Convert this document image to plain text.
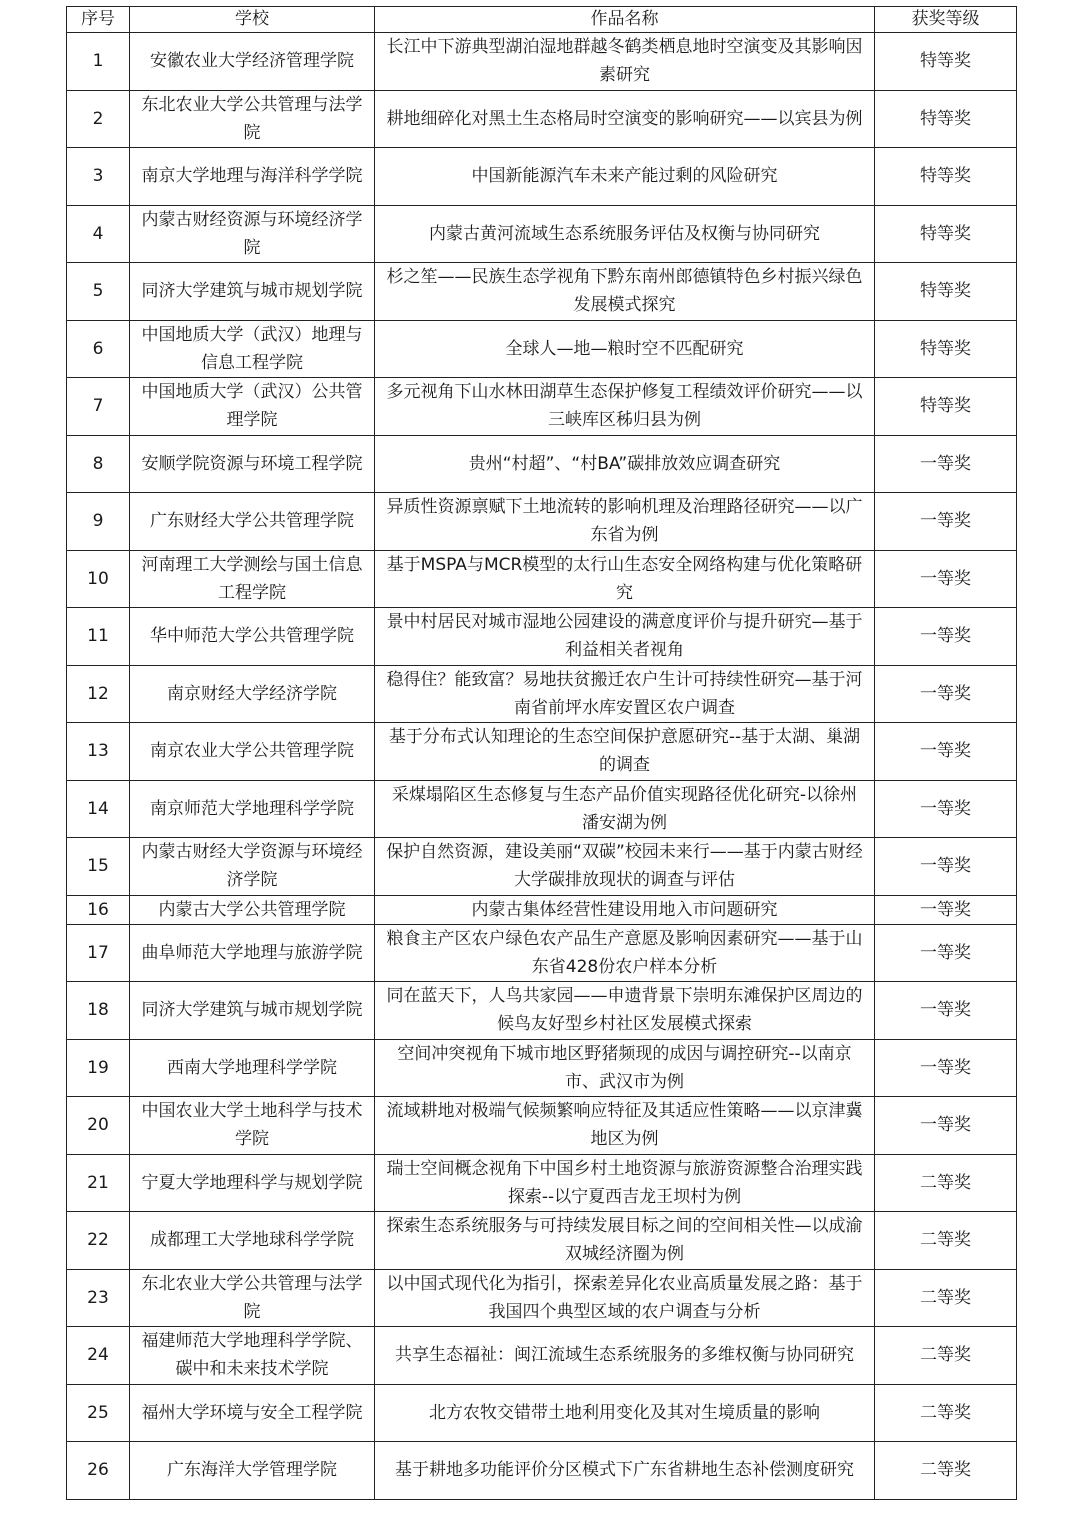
序号	学校	作品名称	获奖等级
1	安徽农业大学经济管理学院	长江中下游典型湖泊湿地群越冬鹤类栖息地时空演变及其影响因素研究	特等奖
2	东北农业大学公共管理与法学院	耕地细碎化对黑土生态格局时空演变的影响研究——以宾县为例	特等奖
3	南京大学地理与海洋科学学院	中国新能源汽车未来产能过剩的风险研究	特等奖
4	内蒙古财经资源与环境经济学院	内蒙古黄河流域生态系统服务评估及权衡与协同研究	特等奖
5	同济大学建筑与城市规划学院	杉之笙——民族生态学视角下黔东南州郎德镇特色乡村振兴绿色发展模式探究	特等奖
6	中国地质大学（武汉）地理与信息工程学院	全球人—地—粮时空不匹配研究	特等奖
7	中国地质大学（武汉）公共管理学院	多元视角下山水林田湖草生态保护修复工程绩效评价研究——以三峡库区秭归县为例	特等奖
8	安顺学院资源与环境工程学院	贵州“村超”、“村BA”碳排放效应调查研究	一等奖
9	广东财经大学公共管理学院	异质性资源禀赋下土地流转的影响机理及治理路径研究——以广东省为例	一等奖
10	河南理工大学测绘与国土信息工程学院	基于MSPA与MCR模型的太行山生态安全网络构建与优化策略研究	一等奖
11	华中师范大学公共管理学院	景中村居民对城市湿地公园建设的满意度评价与提升研究—基于利益相关者视角	一等奖
12	南京财经大学经济学院	稳得住？能致富？易地扶贫搬迁农户生计可持续性研究—基于河南省前坪水库安置区农户调查	一等奖
13	南京农业大学公共管理学院	基于分布式认知理论的生态空间保护意愿研究--基于太湖、巢湖的调查	一等奖
14	南京师范大学地理科学学院	采煤塌陷区生态修复与生态产品价值实现路径优化研究-以徐州潘安湖为例	一等奖
15	内蒙古财经大学资源与环境经济学院	保护自然资源，建设美丽“双碳”校园未来行——基于内蒙古财经大学碳排放现状的调查与评估	一等奖
16	内蒙古大学公共管理学院	内蒙古集体经营性建设用地入市问题研究	一等奖
17	曲阜师范大学地理与旅游学院	粮食主产区农户绿色农产品生产意愿及影响因素研究——基于山东省428份农户样本分析	一等奖
18	同济大学建筑与城市规划学院	同在蓝天下，人鸟共家园——申遗背景下崇明东滩保护区周边的候鸟友好型乡村社区发展模式探索	一等奖
19	西南大学地理科学学院	空间冲突视角下城市地区野猪频现的成因与调控研究--以南京市、武汉市为例	一等奖
20	中国农业大学土地科学与技术学院	流域耕地对极端气候频繁响应特征及其适应性策略——以京津冀地区为例	一等奖
21	宁夏大学地理科学与规划学院	瑞士空间概念视角下中国乡村土地资源与旅游资源整合治理实践探索--以宁夏西吉龙王坝村为例	二等奖
22	成都理工大学地球科学学院	探索生态系统服务与可持续发展目标之间的空间相关性—以成渝双城经济圈为例	二等奖
23	东北农业大学公共管理与法学院	以中国式现代化为指引，探索差异化农业高质量发展之路：基于我国四个典型区域的农户调查与分析	二等奖
24	福建师范大学地理科学学院、碳中和未来技术学院	共享生态福祉：闽江流域生态系统服务的多维权衡与协同研究	二等奖
25	福州大学环境与安全工程学院	北方农牧交错带土地利用变化及其对生境质量的影响	二等奖
26	广东海洋大学管理学院	基于耕地多功能评价分区模式下广东省耕地生态补偿测度研究	二等奖
